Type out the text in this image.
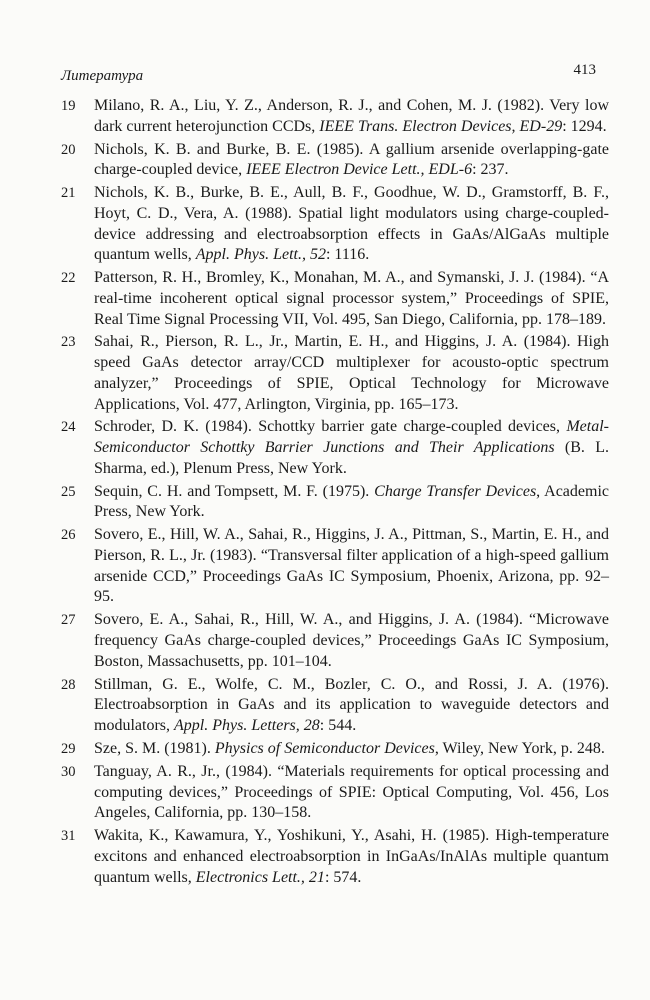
Литература	413
19 Milano, R. A., Liu, Y. Z., Anderson, R. J., and Cohen, M. J. (1982). Very low dark current heterojunction CCDs, IEEE Trans. Electron Devices, ED-29: 1294.
20 Nichols, K. B. and Burke, B. E. (1985). A gallium arsenide overlapping-gate charge-coupled device, IEEE Electron Device Lett., EDL-6: 237.
21 Nichols, K. B., Burke, B. E., Aull, B. F., Goodhue, W. D., Gramstorff, B. F., Hoyt, C. D., Vera, A. (1988). Spatial light modulators using charge-coupled-device addressing and electroabsorption effects in GaAs/AlGaAs multiple quantum wells, Appl. Phys. Lett., 52: 1116.
22 Patterson, R. H., Bromley, K., Monahan, M. A., and Symanski, J. J. (1984). “A real-time incoherent optical signal processor system,” Proceedings of SPIE, Real Time Signal Processing VII, Vol. 495, San Diego, California, pp. 178–189.
23 Sahai, R., Pierson, R. L., Jr., Martin, E. H., and Higgins, J. A. (1984). High speed GaAs detector array/CCD multiplexer for acousto-optic spectrum analyzer,” Proceedings of SPIE, Optical Technology for Microwave Applications, Vol. 477, Arlington, Virginia, pp. 165–173.
24 Schroder, D. K. (1984). Schottky barrier gate charge-coupled devices, Metal-Semiconductor Schottky Barrier Junctions and Their Applications (B. L. Sharma, ed.), Plenum Press, New York.
25 Sequin, C. H. and Tompsett, M. F. (1975). Charge Transfer Devices, Academic Press, New York.
26 Sovero, E., Hill, W. A., Sahai, R., Higgins, J. A., Pittman, S., Martin, E. H., and Pierson, R. L., Jr. (1983). “Transversal filter application of a high-speed gallium arsenide CCD,” Proceedings GaAs IC Symposium, Phoenix, Arizona, pp. 92–95.
27 Sovero, E. A., Sahai, R., Hill, W. A., and Higgins, J. A. (1984). “Microwave frequency GaAs charge-coupled devices,” Proceedings GaAs IC Symposium, Boston, Massachusetts, pp. 101–104.
28 Stillman, G. E., Wolfe, C. M., Bozler, C. O., and Rossi, J. A. (1976). Electroabsorption in GaAs and its application to waveguide detectors and modulators, Appl. Phys. Letters, 28: 544.
29 Sze, S. M. (1981). Physics of Semiconductor Devices, Wiley, New York, p. 248.
30 Tanguay, A. R., Jr., (1984). “Materials requirements for optical processing and computing devices,” Proceedings of SPIE: Optical Computing, Vol. 456, Los Angeles, California, pp. 130–158.
31 Wakita, K., Kawamura, Y., Yoshikuni, Y., Asahi, H. (1985). High-temperature excitons and enhanced electroabsorption in InGaAs/InAlAs multiple quantum quantum wells, Electronics Lett., 21: 574.
